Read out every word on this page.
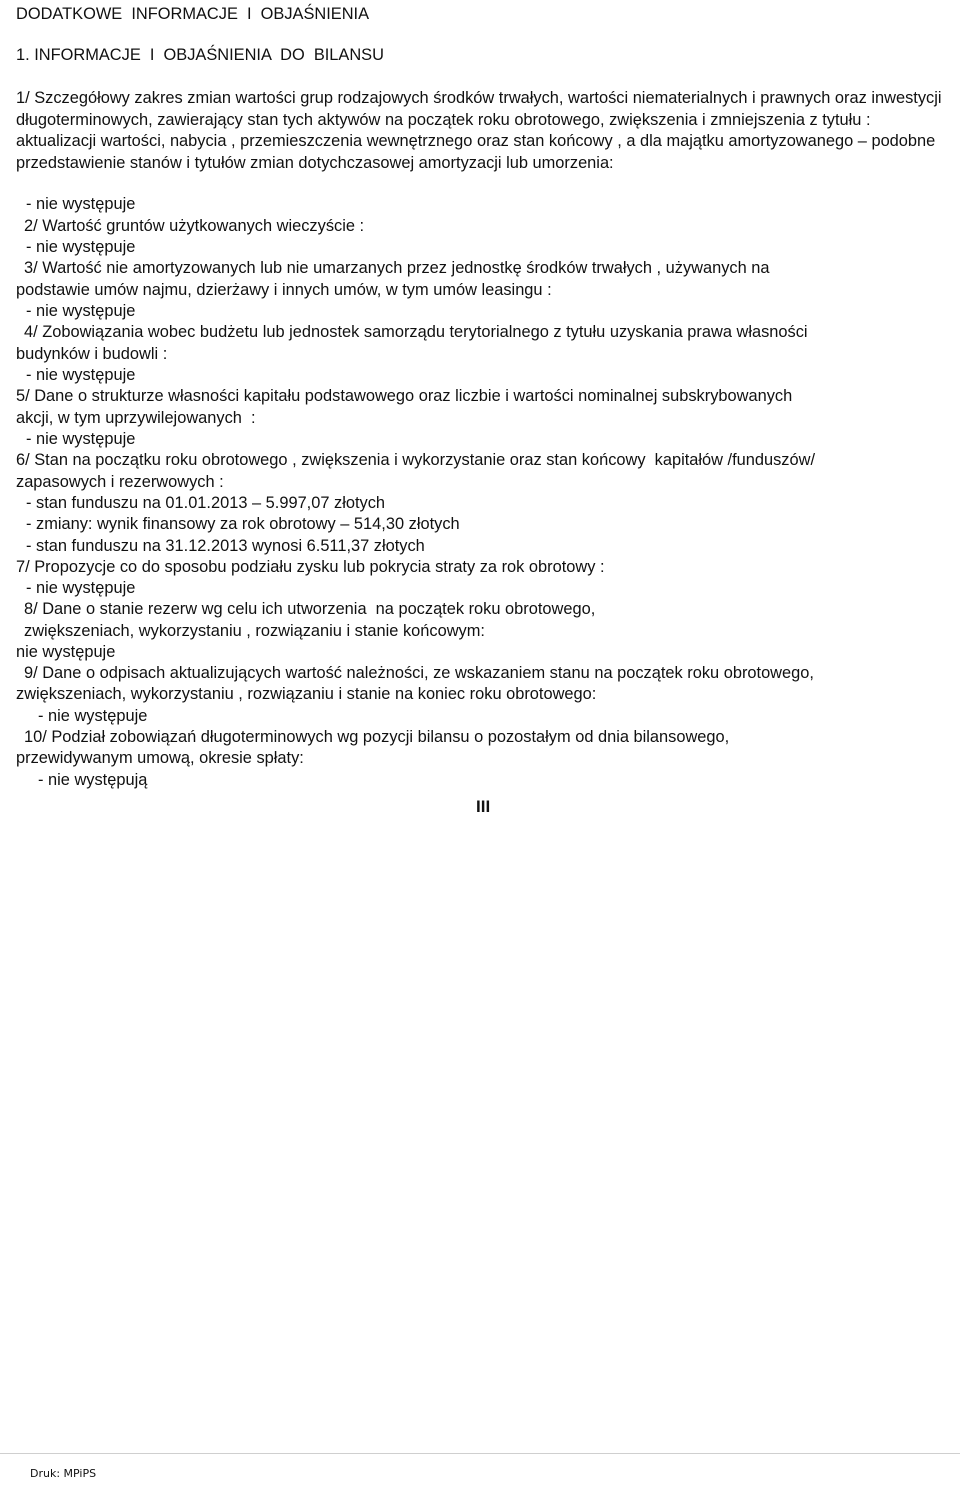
DODATKOWE  INFORMACJE  I  OBJAŚNIENIA

1. INFORMACJE  I  OBJAŚNIENIA  DO  BILANSU

1/ Szczegółowy zakres zmian wartości grup rodzajowych środków trwałych, wartości niematerialnych i prawnych oraz inwestycji długoterminowych, zawierający stan tych aktywów na początek roku obrotowego, zwiększenia i zmniejszenia z tytułu : aktualizacji wartości, nabycia , przemieszczenia wewnętrznego oraz stan końcowy , a dla majątku amortyzowanego – podobne przedstawienie stanów i tytułów zmian dotychczasowej amortyzacji lub umorzenia:

- nie występuje

2/ Wartość gruntów użytkowanych wieczyście :

- nie występuje

3/ Wartość nie amortyzowanych lub nie umarzanych przez jednostkę środków trwałych , używanych na

podstawie umów najmu, dzierżawy i innych umów, w tym umów leasingu :

- nie występuje

4/ Zobowiązania wobec budżetu lub jednostek samorządu terytorialnego z tytułu uzyskania prawa własności

budynków i budowli :

- nie występuje

5/ Dane o strukturze własności kapitału podstawowego oraz liczbie i wartości nominalnej subskrybowanych

akcji, w tym uprzywilejowanych  :

- nie występuje

6/ Stan na początku roku obrotowego , zwiększenia i wykorzystanie oraz stan końcowy  kapitałów /funduszów/

zapasowych i rezerwowych :

- stan funduszu na 01.01.2013 – 5.997,07 złotych

- zmiany: wynik finansowy za rok obrotowy – 514,30 złotych

- stan funduszu na 31.12.2013 wynosi 6.511,37 złotych

7/ Propozycje co do sposobu podziału zysku lub pokrycia straty za rok obrotowy :

- nie występuje

8/ Dane o stanie rezerw wg celu ich utworzenia  na początek roku obrotowego,

zwiększeniach, wykorzystaniu , rozwiązaniu i stanie końcowym:

nie występuje

9/ Dane o odpisach aktualizujących wartość należności, ze wskazaniem stanu na początek roku obrotowego,

zwiększeniach, wykorzystaniu , rozwiązaniu i stanie na koniec roku obrotowego:

- nie występuje

10/ Podział zobowiązań długoterminowych wg pozycji bilansu o pozostałym od dnia bilansowego,

przewidywanym umową, okresie spłaty:

- nie występują

III
Druk: MPiPS
